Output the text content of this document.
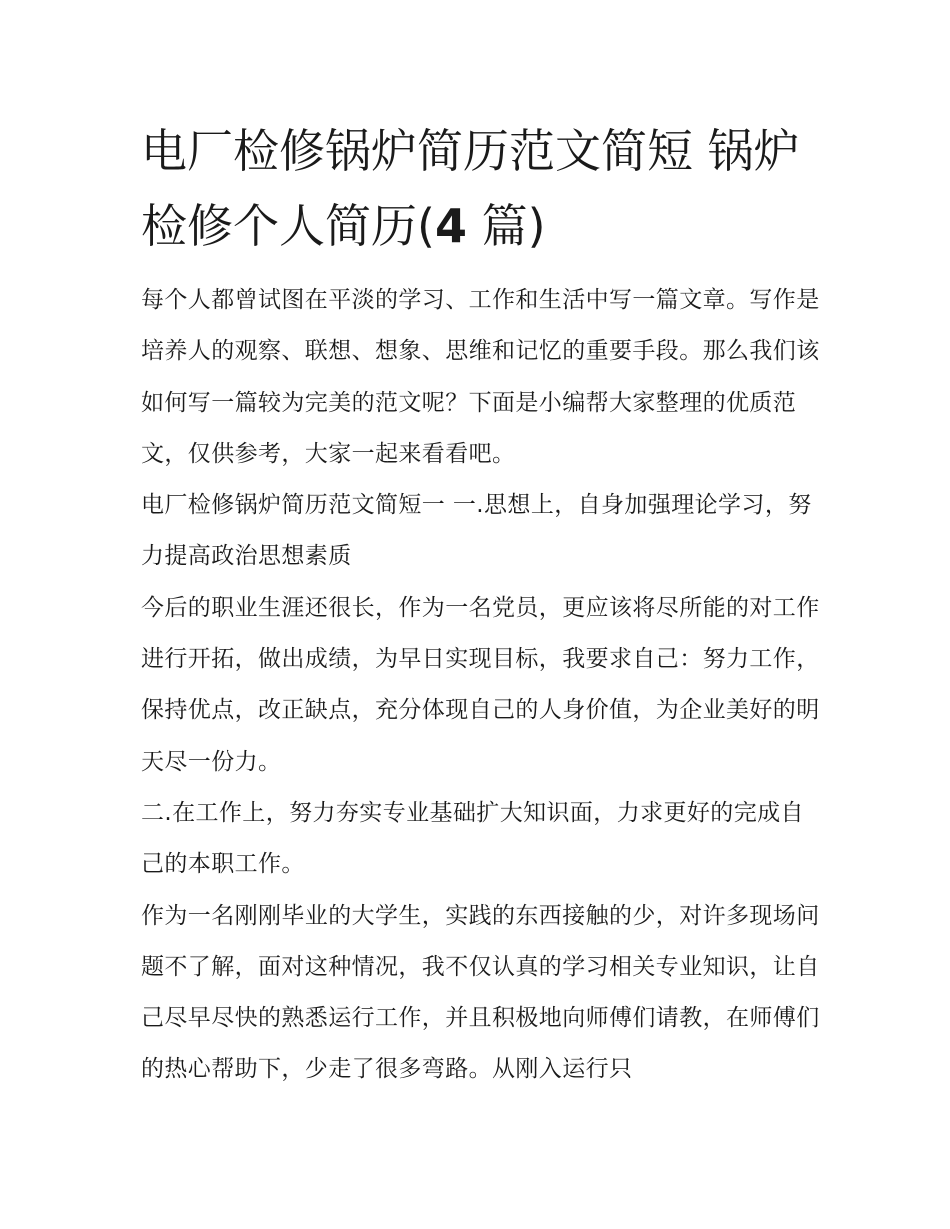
电厂检修锅炉简历范文简短 锅炉检修个人简历(4 篇)

每个人都曾试图在平淡的学习、工作和生活中写一篇文章。写作是培养人的观察、联想、想象、思维和记忆的重要手段。那么我们该如何写一篇较为完美的范文呢？下面是小编帮大家整理的优质范文，仅供参考，大家一起来看看吧。

电厂检修锅炉简历范文简短一 一.思想上，自身加强理论学习，努力提高政治思想素质

今后的职业生涯还很长，作为一名党员，更应该将尽所能的对工作进行开拓，做出成绩，为早日实现目标，我要求自己：努力工作，保持优点，改正缺点，充分体现自己的人身价值，为企业美好的明天尽一份力。

二.在工作上，努力夯实专业基础扩大知识面，力求更好的完成自己的本职工作。

作为一名刚刚毕业的大学生，实践的东西接触的少，对许多现场问题不了解，面对这种情况，我不仅认真的学习相关专业知识，让自己尽早尽快的熟悉运行工作，并且积极地向师傅们请教，在师傅们的热心帮助下，少走了很多弯路。从刚入运行只
